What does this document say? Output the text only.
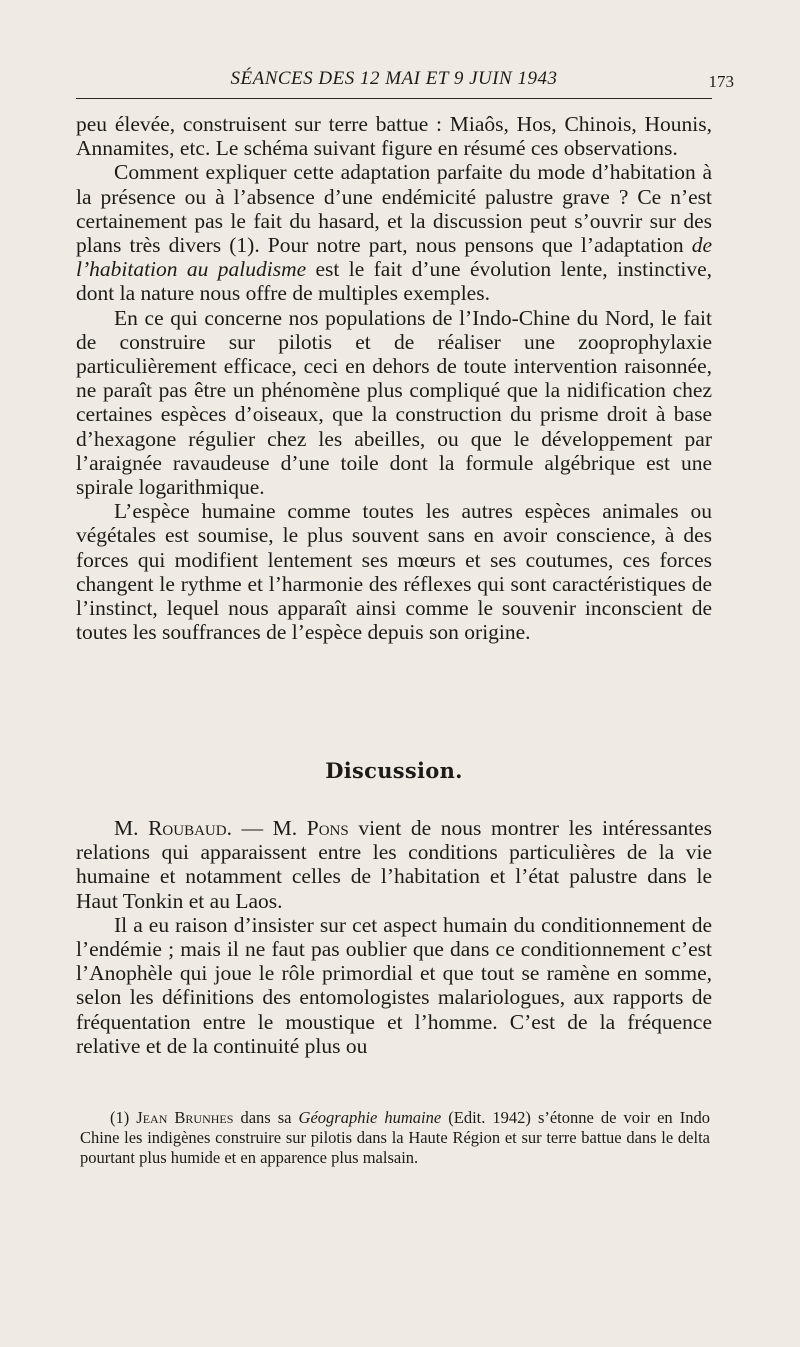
SÉANCES DES 12 MAI ET 9 JUIN 1943	173

peu élevée, construisent sur terre battue : Miaôs, Hos, Chinois, Hounis, Annamites, etc. Le schéma suivant figure en résumé ces observations.

Comment expliquer cette adaptation parfaite du mode d’habitation à la présence ou à l’absence d’une endémicité palustre grave ? Ce n’est certainement pas le fait du hasard, et la discussion peut s’ouvrir sur des plans très divers (1). Pour notre part, nous pensons que l’adaptation de l’habitation au paludisme est le fait d’une évolution lente, instinctive, dont la nature nous offre de multiples exemples.

En ce qui concerne nos populations de l’Indo-Chine du Nord, le fait de construire sur pilotis et de réaliser une zooprophylaxie particulièrement efficace, ceci en dehors de toute intervention raisonnée, ne paraît pas être un phénomène plus compliqué que la nidification chez certaines espèces d’oiseaux, que la construction du prisme droit à base d’hexagone régulier chez les abeilles, ou que le développement par l’araignée ravaudeuse d’une toile dont la formule algébrique est une spirale logarithmique.

L’espèce humaine comme toutes les autres espèces animales ou végétales est soumise, le plus souvent sans en avoir conscience, à des forces qui modifient lentement ses mœurs et ses coutumes, ces forces changent le rythme et l’harmonie des réflexes qui sont caractéristiques de l’instinct, lequel nous apparaît ainsi comme le souvenir inconscient de toutes les souffrances de l’espèce depuis son origine.

Discussion.

M. Roubaud. — M. Pons vient de nous montrer les intéressantes relations qui apparaissent entre les conditions particulières de la vie humaine et notamment celles de l’habitation et l’état palustre dans le Haut Tonkin et au Laos.

Il a eu raison d’insister sur cet aspect humain du conditionnement de l’endémie ; mais il ne faut pas oublier que dans ce conditionnement c’est l’Anophèle qui joue le rôle primordial et que tout se ramène en somme, selon les définitions des entomologistes malariologues, aux rapports de fréquentation entre le moustique et l’homme. C’est de la fréquence relative et de la continuité plus ou

(1) Jean Brunhes dans sa Géographie humaine (Edit. 1942) s’étonne de voir en Indo Chine les indigènes construire sur pilotis dans la Haute Région et sur terre battue dans le delta pourtant plus humide et en apparence plus malsain.
